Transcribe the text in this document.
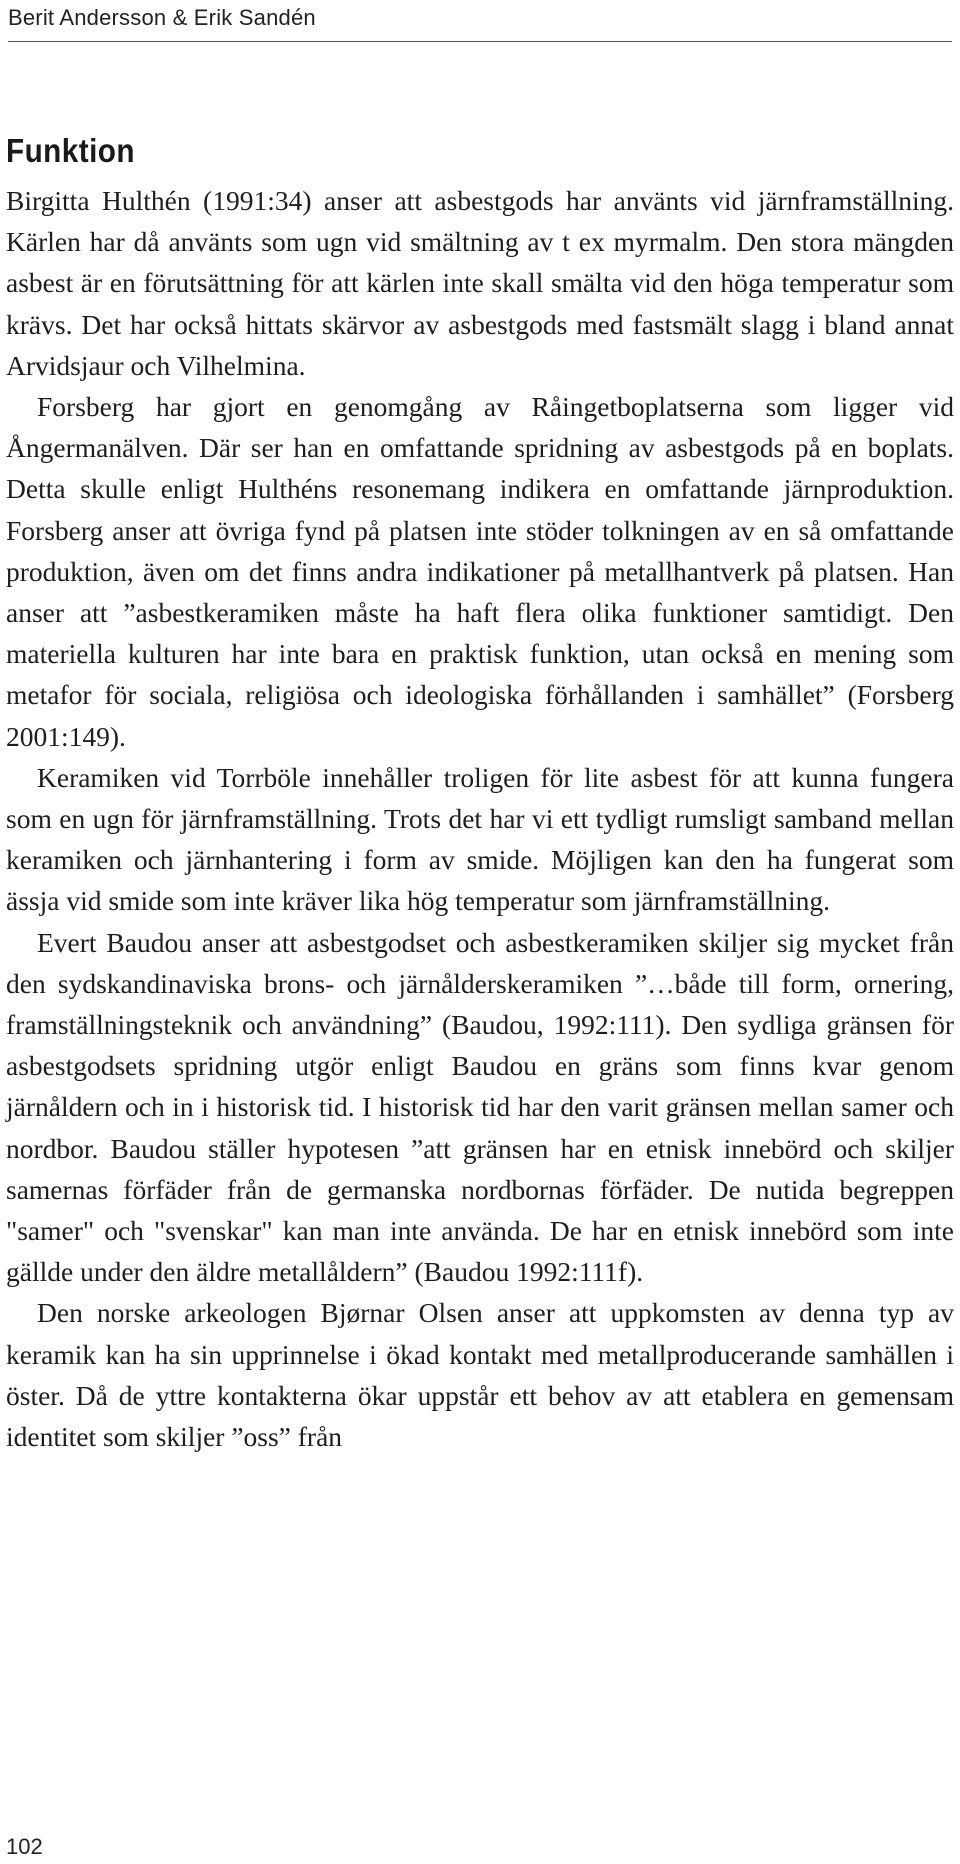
Berit Andersson & Erik Sandén
Funktion

Birgitta Hulthén (1991:34) anser att asbestgods har använts vid järnframställning. Kärlen har då använts som ugn vid smältning av t ex myrmalm. Den stora mängden asbest är en förutsättning för att kärlen inte skall smälta vid den höga temperatur som krävs. Det har också hittats skärvor av asbestgods med fastsmält slagg i bland annat Arvidsjaur och Vilhelmina.

Forsberg har gjort en genomgång av Råingetboplatserna som ligger vid Ångermanälven. Där ser han en omfattande spridning av asbestgods på en boplats. Detta skulle enligt Hulthéns resonemang indikera en omfattande järnproduktion. Forsberg anser att övriga fynd på platsen inte stöder tolkningen av en så omfattande produktion, även om det finns andra indikationer på metallhantverk på platsen. Han anser att ”asbestkeramiken måste ha haft flera olika funktioner samtidigt. Den materiella kulturen har inte bara en praktisk funktion, utan också en mening som metafor för sociala, religiösa och ideologiska förhållanden i samhället” (Forsberg 2001:149).

Keramiken vid Torrböle innehåller troligen för lite asbest för att kunna fungera som en ugn för järnframställning. Trots det har vi ett tydligt rumsligt samband mellan keramiken och järnhantering i form av smide. Möjligen kan den ha fungerat som ässja vid smide som inte kräver lika hög temperatur som järnframställning.

Evert Baudou anser att asbestgodset och asbestkeramiken skiljer sig mycket från den sydskandinaviska brons- och järnålderskeramiken ”…både till form, ornering, framställningsteknik och användning” (Baudou, 1992:111). Den sydliga gränsen för asbestgodsets spridning utgör enligt Baudou en gräns som finns kvar genom järnåldern och in i historisk tid. I historisk tid har den varit gränsen mellan samer och nordbor. Baudou ställer hypotesen ”att gränsen har en etnisk innebörd och skiljer samernas förfäder från de germanska nordbornas förfäder. De nutida begreppen "samer" och "svenskar" kan man inte använda. De har en etnisk innebörd som inte gällde under den äldre metallåldern” (Baudou 1992:111f).

Den norske arkeologen Bjørnar Olsen anser att uppkomsten av denna typ av keramik kan ha sin upprinnelse i ökad kontakt med metallproducerande samhällen i öster. Då de yttre kontakterna ökar uppstår ett behov av att etablera en gemensam identitet som skiljer ”oss” från

102
